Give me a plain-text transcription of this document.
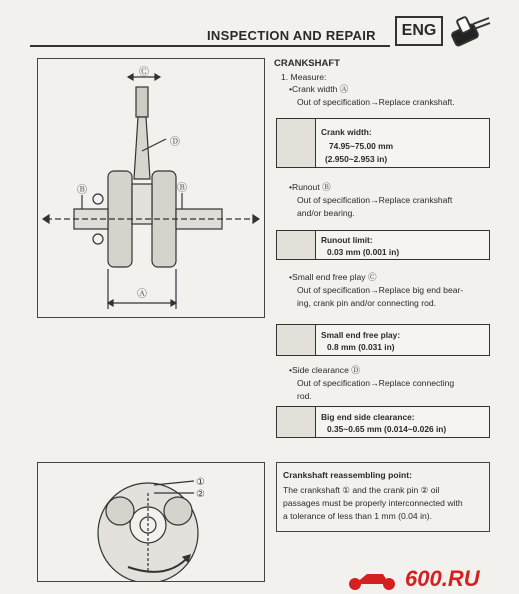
INSPECTION AND REPAIR	ENG
Ⓒ
Ⓓ
Ⓑ	Ⓑ
Ⓐ
①
②
CRANKSHAFT
1. Measure:
•Crank width Ⓐ
Out of specification→Replace crankshaft.
Crank width:
74.95~75.00 mm
(2.950~2.953 in)
•Runout Ⓑ
Out of specification→Replace crankshaft
and/or bearing.
Runout limit:
0.03 mm (0.001 in)
•Small end free play Ⓒ
Out of specification→Replace big end bear-
ing, crank pin and/or connecting rod.
Small end free play:
0.8 mm (0.031 in)
•Side clearance Ⓓ
Out of specification→Replace connecting
rod.
Big end side clearance:
0.35~0.65 mm (0.014~0.026 in)
Crankshaft reassembling point:
The crankshaft ① and the crank pin ② oil
passages must be properly interconnected with
a tolerance of less than 1 mm (0.04 in).
600.RU
